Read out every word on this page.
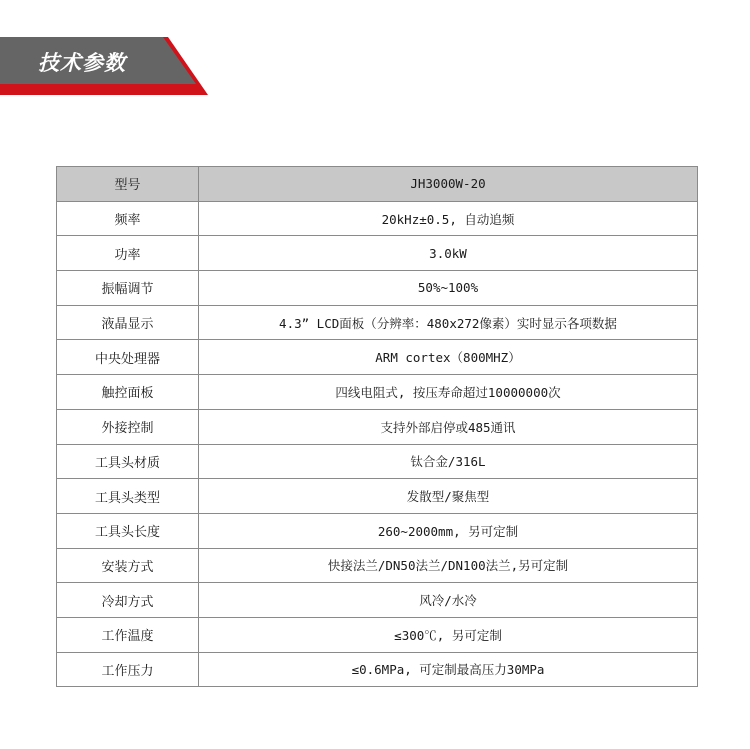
技术参数
型号	JH3000W-20
频率	20kHz±0.5, 自动追频
功率	3.0kW
振幅调节	50%~100%
液晶显示	4.3” LCD面板（分辨率：480x272像素）实时显示各项数据
中央处理器	ARM cortex（800MHZ）
触控面板	四线电阻式, 按压寿命超过10000000次
外接控制	支持外部启停或485通讯
工具头材质	钛合金/316L
工具头类型	发散型/聚焦型
工具头长度	260~2000mm, 另可定制
安装方式	快接法兰/DN50法兰/DN100法兰,另可定制
冷却方式	风冷/水冷
工作温度	≤300℃, 另可定制
工作压力	≤0.6MPa, 可定制最高压力30MPa
